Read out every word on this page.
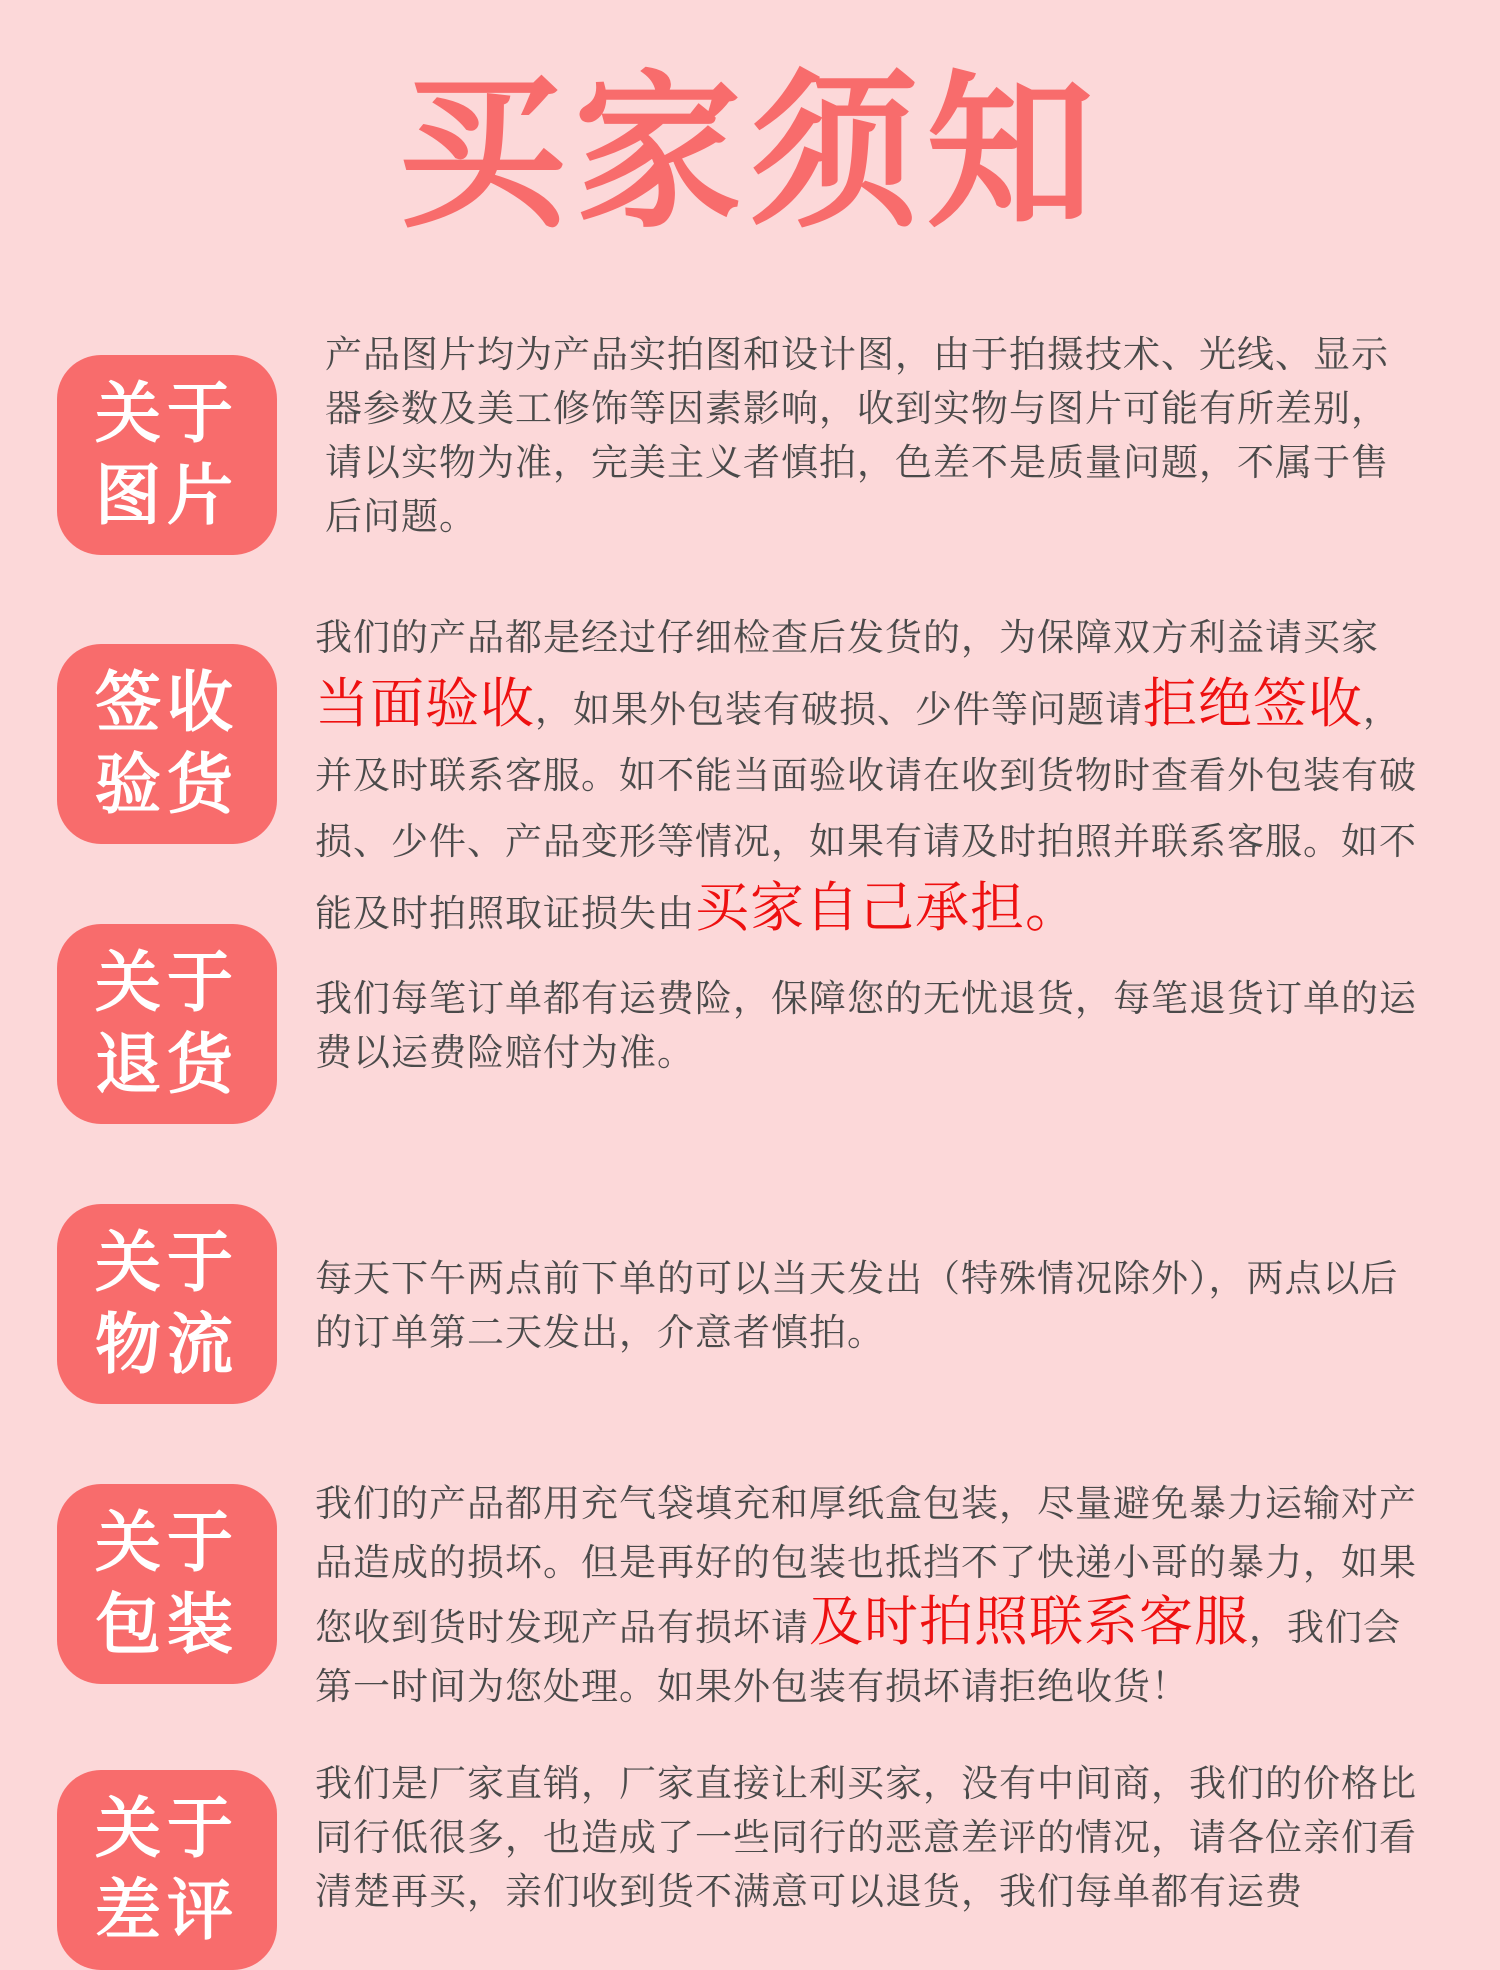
买家须知
关于
图片
产品图片均为产品实拍图和设计图，由于拍摄技术、光线、显示器参数及美工修饰等因素影响，收到实物与图片可能有所差别，请以实物为准，完美主义者慎拍，色差不是质量问题，不属于售后问题。
签收
验货
我们的产品都是经过仔细检查后发货的，为保障双方利益请买家当面验收，如果外包装有破损、少件等问题请拒绝签收，并及时联系客服。如不能当面验收请在收到货物时查看外包装有破损、少件、产品变形等情况，如果有请及时拍照并联系客服。如不能及时拍照取证损失由买家自己承担。
关于
退货
我们每笔订单都有运费险，保障您的无忧退货，每笔退货订单的运费以运费险赔付为准。
关于
物流
每天下午两点前下单的可以当天发出（特殊情况除外），两点以后的订单第二天发出，介意者慎拍。
关于
包装
我们的产品都用充气袋填充和厚纸盒包装，尽量避免暴力运输对产品造成的损坏。但是再好的包装也抵挡不了快递小哥的暴力，如果您收到货时发现产品有损坏请及时拍照联系客服，我们会第一时间为您处理。如果外包装有损坏请拒绝收货！
关于
差评
我们是厂家直销，厂家直接让利买家，没有中间商，我们的价格比同行低很多，也造成了一些同行的恶意差评的情况，请各位亲们看清楚再买，亲们收到货不满意可以退货，我们每单都有运费
